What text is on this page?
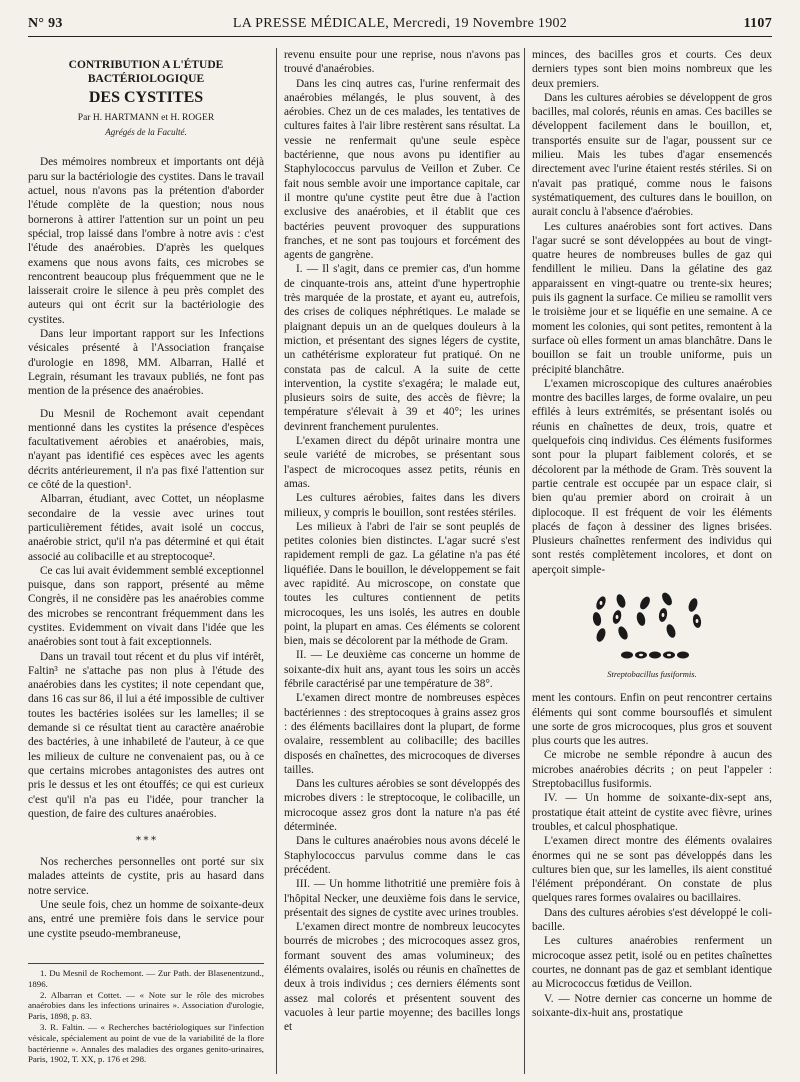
N° 93	LA PRESSE MÉDICALE, Mercredi, 19 Novembre 1902	1107

CONTRIBUTION A L'ÉTUDE BACTÉRIOLOGIQUE

DES CYSTITES

Par H. HARTMANN et H. ROGER

Agrégés de la Faculté.

Des mémoires nombreux et importants ont déjà paru sur la bactériologie des cystites. Dans le travail actuel, nous n'avons pas la prétention d'aborder l'étude complète de la question; nous nous bornerons à attirer l'attention sur un point un peu spécial, trop laissé dans l'ombre à notre avis : c'est l'étude des anaérobies. D'après les quelques examens que nous avons faits, ces microbes se rencontrent beaucoup plus fréquemment que ne le laisserait croire le silence à peu près complet des auteurs qui ont écrit sur la bactériologie des cystites.

Dans leur important rapport sur les Infections vésicales présenté à l'Association française d'urologie en 1898, MM. Albarran, Hallé et Legrain, résumant les travaux publiés, ne font pas mention de la présence des anaérobies.

Du Mesnil de Rochemont avait cependant mentionné dans les cystites la présence d'espèces facultativement aérobies et anaérobies, mais, n'ayant pas identifié ces espèces avec les agents décrits antérieurement, il n'a pas fixé l'attention sur ce côté de la question¹.

Albarran, étudiant, avec Cottet, un néoplasme secondaire de la vessie avec urines tout particulièrement fétides, avait isolé un coccus, anaérobie strict, qu'il n'a pas déterminé et qui était associé au colibacille et au streptocoque².

Ce cas lui avait évidemment semblé exceptionnel puisque, dans son rapport, présenté au même Congrès, il ne considère pas les anaérobies comme des microbes se rencontrant fréquemment dans les cystites. Evidemment on vivait dans l'idée que les anaérobies sont tout à fait exceptionnels.

Dans un travail tout récent et du plus vif intérêt, Faltin³ ne s'attache pas non plus à l'étude des anaérobies dans les cystites; il note cependant que, dans 16 cas sur 86, il lui a été impossible de cultiver toutes les bactéries isolées sur les lamelles; il se demande si ce résultat tient au caractère anaérobie des bactéries, à une inhabileté de l'auteur, à ce que les milieux de culture ne convenaient pas, ou à ce que certains microbes antagonistes des autres ont pris le dessus et les ont étouffés; ce qui est curieux c'est qu'il n'a pas eu l'idée, pour trancher la question, de faire des cultures anaérobies.

⁎ ⁎ ⁎

Nos recherches personnelles ont porté sur six malades atteints de cystite, pris au hasard dans notre service.

Une seule fois, chez un homme de soixante-deux ans, entré une première fois dans le service pour une cystite pseudo-membraneuse,

1. Du Mesnil de Rochemont. — Zur Path. der Blasenentzund., 1896.

2. Albarran et Cottet. — « Note sur le rôle des microbes anaérobies dans les infections urinaires ». Association d'urologie, Paris, 1898, p. 83.

3. R. Faltin. — « Recherches bactériologiques sur l'infection vésicale, spécialement au point de vue de la variabilité de la flore bactérienne ». Annales des maladies des organes genito-urinaires, Paris, 1902, T. XX, p. 176 et 298.

revenu ensuite pour une reprise, nous n'avons pas trouvé d'anaérobies.

Dans les cinq autres cas, l'urine renfermait des anaérobies mélangés, le plus souvent, à des aérobies. Chez un de ces malades, les tentatives de cultures faites à l'air libre restèrent sans résultat. La vessie ne renfermait qu'une seule espèce bactérienne, que nous avons pu identifier au Staphylococcus parvulus de Veillon et Zuber. Ce fait nous semble avoir une importance capitale, car il montre qu'une cystite peut être due à l'action exclusive des anaérobies, et il établit que ces bactéries peuvent provoquer des suppurations franches, et ne sont pas toujours et forcément des agents de gangrène.

I. — Il s'agit, dans ce premier cas, d'un homme de cinquante-trois ans, atteint d'une hypertrophie très marquée de la prostate, et ayant eu, autrefois, des crises de coliques néphrétiques. Le malade se plaignant depuis un an de quelques douleurs à la miction, et présentant des signes légers de cystite, un cathétérisme explorateur fut pratiqué. On ne constata pas de calcul. A la suite de cette intervention, la cystite s'exagéra; le malade eut, plusieurs soirs de suite, des accès de fièvre; la température s'élevait à 39 et 40°; les urines devinrent franchement purulentes.

L'examen direct du dépôt urinaire montra une seule variété de microbes, se présentant sous l'aspect de microcoques assez petits, réunis en amas.

Les cultures aérobies, faites dans les divers milieux, y compris le bouillon, sont restées stériles.

Les milieux à l'abri de l'air se sont peuplés de petites colonies bien distinctes. L'agar sucré s'est rapidement rempli de gaz. La gélatine n'a pas été liquéfiée. Dans le bouillon, le développement se fait avec rapidité. Au microscope, on constate que toutes les cultures contiennent de petits microcoques, les uns isolés, les autres en double point, la plupart en amas. Ces éléments se colorent bien, mais se décolorent par la méthode de Gram.

II. — Le deuxième cas concerne un homme de soixante-dix huit ans, ayant tous les soirs un accès fébrile caractérisé par une température de 38°.

L'examen direct montre de nombreuses espèces bactériennes : des streptocoques à grains assez gros : des éléments bacillaires dont la plupart, de forme ovalaire, ressemblent au colibacille; des bacilles disposés en chaînettes, des microcoques de diverses tailles.

Dans les cultures aérobies se sont développés des microbes divers : le streptocoque, le colibacille, un microcoque assez gros dont la nature n'a pas été déterminée.

Dans le cultures anaérobies nous avons décelé le Staphylococcus parvulus comme dans le cas précédent.

III. — Un homme lithotritié une première fois à l'hôpital Necker, une deuxième fois dans le service, présentait des signes de cystite avec urines troubles.

L'examen direct montre de nombreux leucocytes bourrés de microbes ; des microcoques assez gros, formant souvent des amas volumineux; des éléments ovalaires, isolés ou réunis en chaînettes de deux à trois individus ; ces derniers éléments sont assez mal colorés et présentent souvent des vacuoles à leur partie moyenne; des bacilles longs et

minces, des bacilles gros et courts. Ces deux derniers types sont bien moins nombreux que les deux premiers.

Dans les cultures aérobies se développent de gros bacilles, mal colorés, réunis en amas. Ces bacilles se développent facilement dans le bouillon, et, transportés ensuite sur de l'agar, poussent sur ce milieu. Mais les tubes d'agar ensemencés directement avec l'urine étaient restés stériles. Si on n'avait pas pratiqué, comme nous le faisons systématiquement, des cultures dans le bouillon, on aurait conclu à l'absence d'aérobies.

Les cultures anaérobies sont fort actives. Dans l'agar sucré se sont développées au bout de vingt-quatre heures de nombreuses bulles de gaz qui fendillent le milieu. Dans la gélatine des gaz apparaissent en vingt-quatre ou trente-six heures; puis ils gagnent la surface. Ce milieu se ramollit vers le troisième jour et se liquéfie en une semaine. A ce moment les colonies, qui sont petites, remontent à la surface où elles forment un amas blanchâtre. Dans le bouillon se fait un trouble uniforme, puis un précipité blanchâtre.

L'examen microscopique des cultures anaérobies montre des bacilles larges, de forme ovalaire, un peu effilés à leurs extrémités, se présentant isolés ou réunis en chaînettes de deux, trois, quatre et quelquefois cinq individus. Ces éléments fusiformes sont pour la plupart faiblement colorés, et se décolorent par la méthode de Gram. Très souvent la partie centrale est occupée par un espace clair, si bien qu'au premier abord on croirait à un diplocoque. Il est fréquent de voir les éléments placés de façon à dessiner des lignes brisées. Plusieurs chaînettes renferment des individus qui sont restés complètement incolores, et dont on aperçoit simple-

Streptobacillus fusiformis.

ment les contours. Enfin on peut rencontrer certains éléments qui sont comme boursouflés et simulent une sorte de gros microcoques, plus gros et souvent plus courts que les autres.

Ce microbe ne semble répondre à aucun des microbes anaérobies décrits ; on peut l'appeler : Streptobacillus fusiformis.

IV. — Un homme de soixante-dix-sept ans, prostatique était atteint de cystite avec fièvre, urines troubles, et calcul phosphatique.

L'examen direct montre des éléments ovalaires énormes qui ne se sont pas développés dans les cultures bien que, sur les lamelles, ils aient constitué l'élément prépondérant. On constate de plus quelques rares formes ovalaires ou bacillaires.

Dans des cultures aérobies s'est développé le coli-bacille.

Les cultures anaérobies renferment un microcoque assez petit, isolé ou en petites chaînettes courtes, ne donnant pas de gaz et semblant identique au Micrococcus fœtidus de Veillon.

V. — Notre dernier cas concerne un homme de soixante-dix-huit ans, prostatique
